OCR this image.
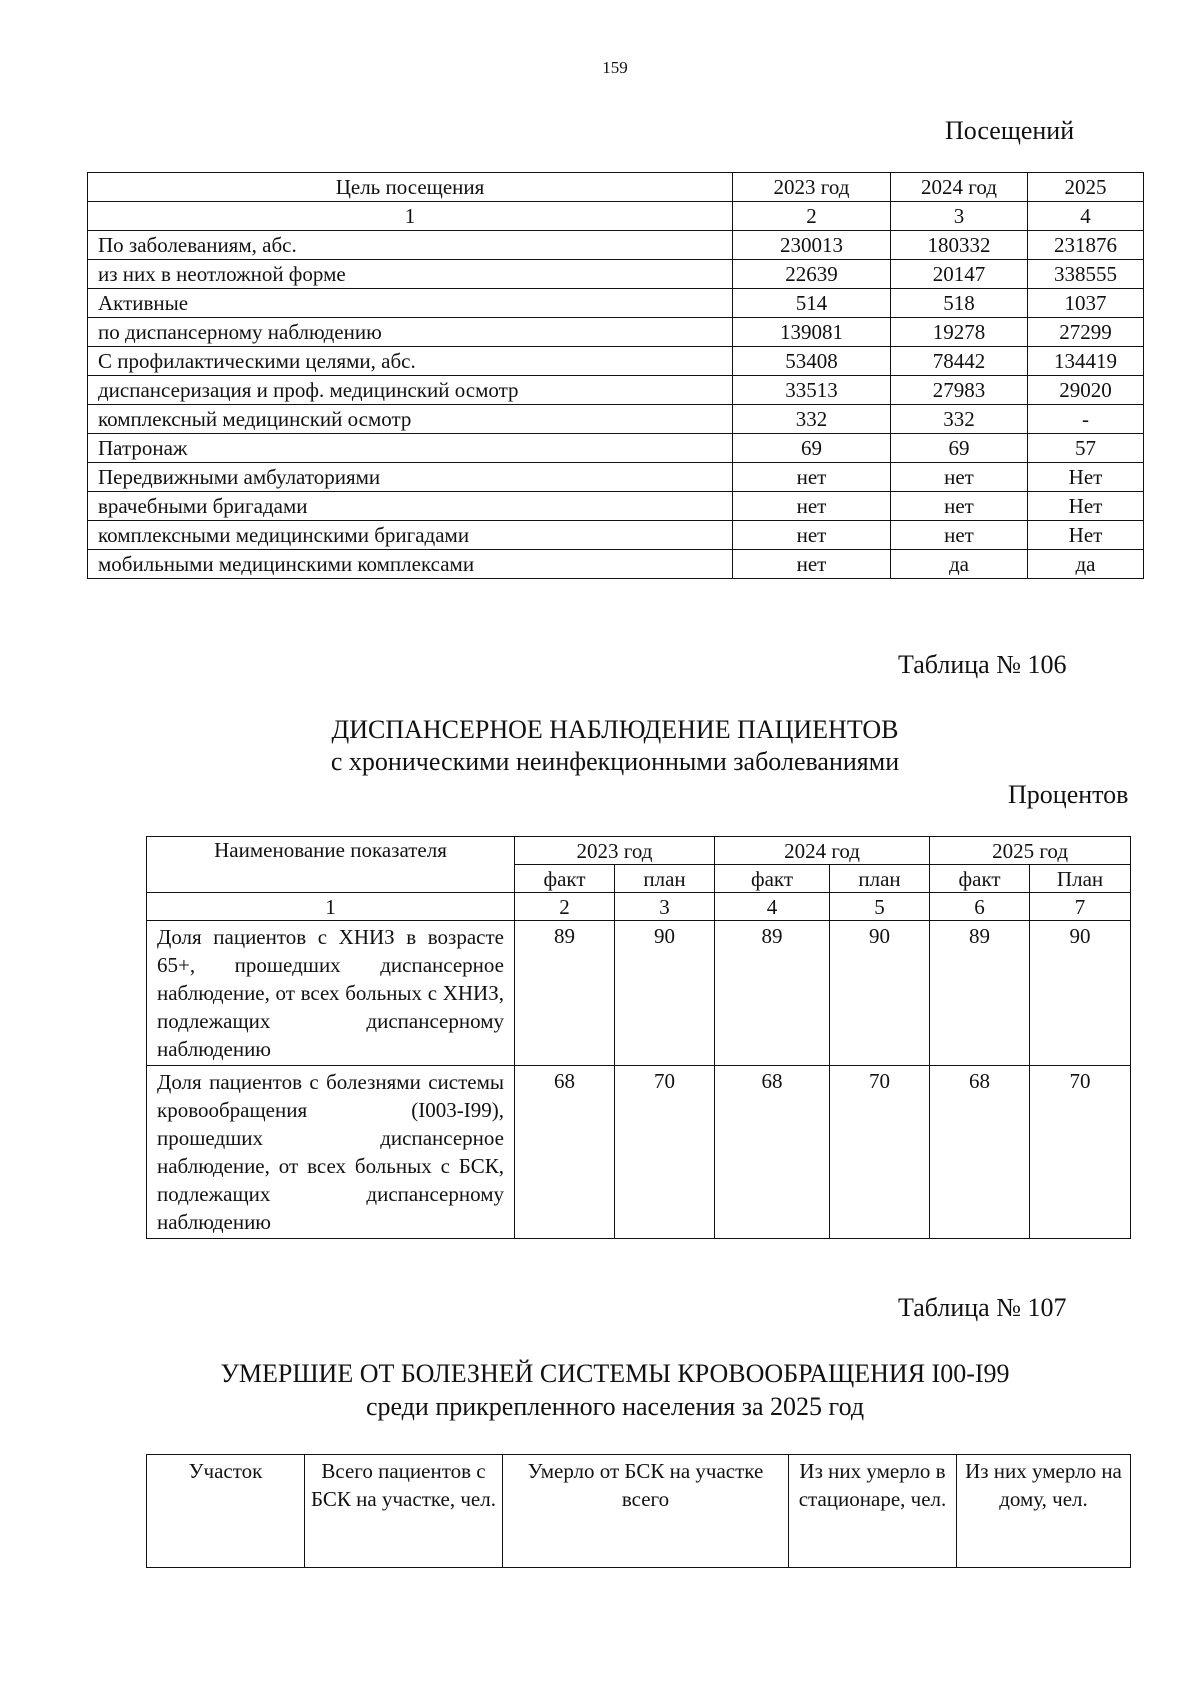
159
Посещений
Цель посещения	2023 год	2024 год	2025
1	2	3	4
По заболеваниям, абс.	230013	180332	231876
из них в неотложной форме	22639	20147	338555
Активные	514	518	1037
по диспансерному наблюдению	139081	19278	27299
С профилактическими целями, абс.	53408	78442	134419
диспансеризация и проф. медицинский осмотр	33513	27983	29020
комплексный медицинский осмотр	332	332	-
Патронаж	69	69	57
Передвижными амбулаториями	нет	нет	Нет
врачебными бригадами	нет	нет	Нет
комплексными медицинскими бригадами	нет	нет	Нет
мобильными медицинскими комплексами	нет	да	да
Таблица № 106
ДИСПАНСЕРНОЕ НАБЛЮДЕНИЕ ПАЦИЕНТОВ
с хроническими неинфекционными заболеваниями
Процентов
Наименование показателя	2023 год		2024 год		2025 год	
	факт	план	факт	план	факт	План
1	2	3	4	5	6	7
Доля пациентов с ХНИЗ в возрасте 65+, прошедших диспансерное наблюдение, от всех больных с ХНИЗ, подлежащих диспансерному наблюдению	89	90	89	90	89	90
Доля пациентов с болезнями системы кровообращения (I003-I99), прошедших диспансерное наблюдение, от всех больных с БСК, подлежащих диспансерному наблюдению	68	70	68	70	68	70
Таблица № 107
УМЕРШИЕ ОТ БОЛЕЗНЕЙ СИСТЕМЫ КРОВООБРАЩЕНИЯ I00-I99
среди прикрепленного населения за 2025 год
Участок	Всего пациентов с БСК на участке, чел.	Умерло от БСК на участке всего	Из них умерло в стационаре, чел.	Из них умерло на дому, чел.
